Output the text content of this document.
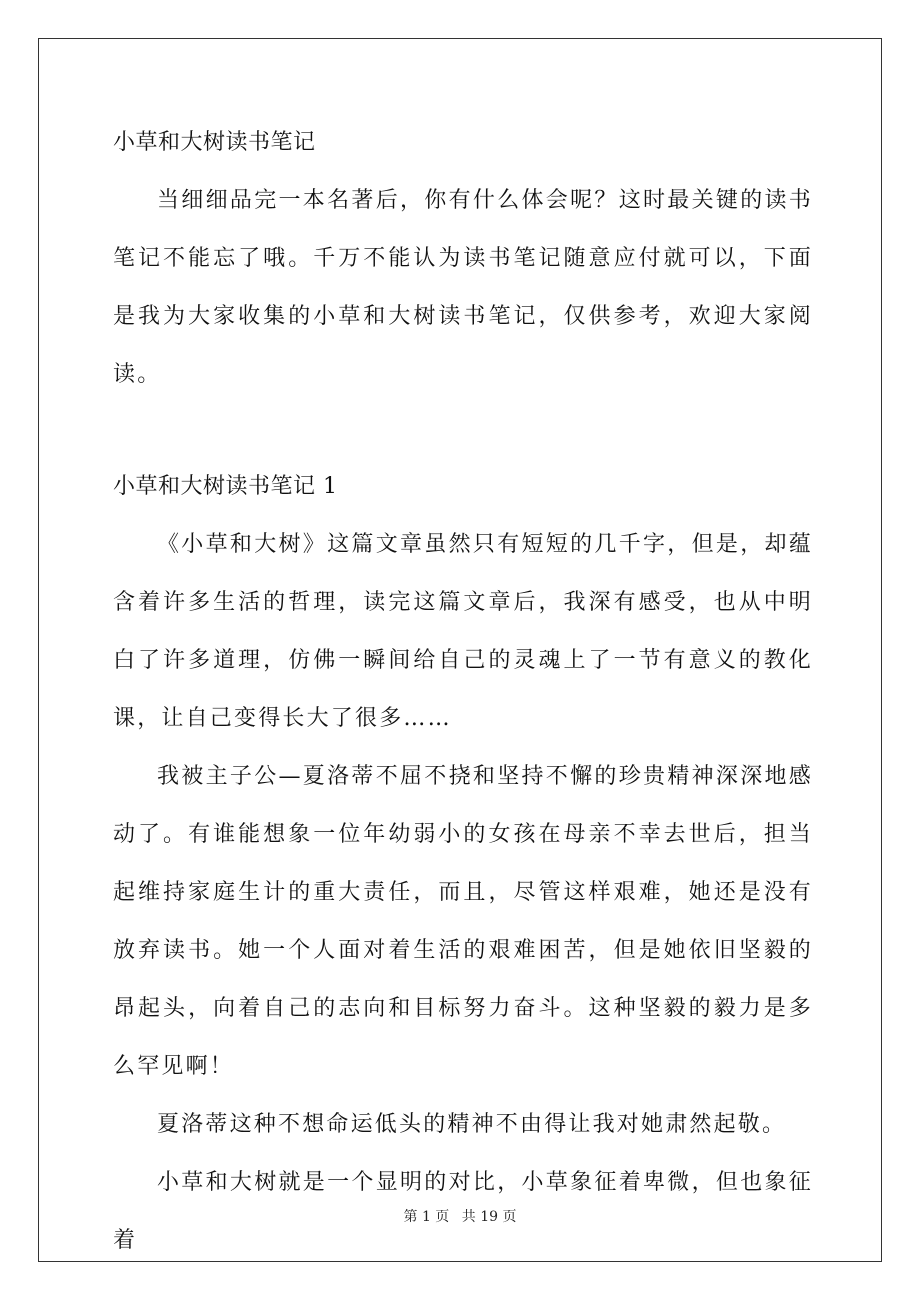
小草和大树读书笔记

当细细品完一本名著后，你有什么体会呢？这时最关键的读书笔记不能忘了哦。千万不能认为读书笔记随意应付就可以，下面是我为大家收集的小草和大树读书笔记，仅供参考，欢迎大家阅读。

小草和大树读书笔记 1

《小草和大树》这篇文章虽然只有短短的几千字，但是，却蕴含着许多生活的哲理，读完这篇文章后，我深有感受，也从中明白了许多道理，仿佛一瞬间给自己的灵魂上了一节有意义的教化课，让自己变得长大了很多……

我被主子公—夏洛蒂不屈不挠和坚持不懈的珍贵精神深深地感动了。有谁能想象一位年幼弱小的女孩在母亲不幸去世后，担当起维持家庭生计的重大责任，而且，尽管这样艰难，她还是没有放弃读书。她一个人面对着生活的艰难困苦，但是她依旧坚毅的昂起头，向着自己的志向和目标努力奋斗。这种坚毅的毅力是多么罕见啊！

夏洛蒂这种不想命运低头的精神不由得让我对她肃然起敬。

小草和大树就是一个显明的对比，小草象征着卑微，但也象征着

第 1 页 共 19 页
